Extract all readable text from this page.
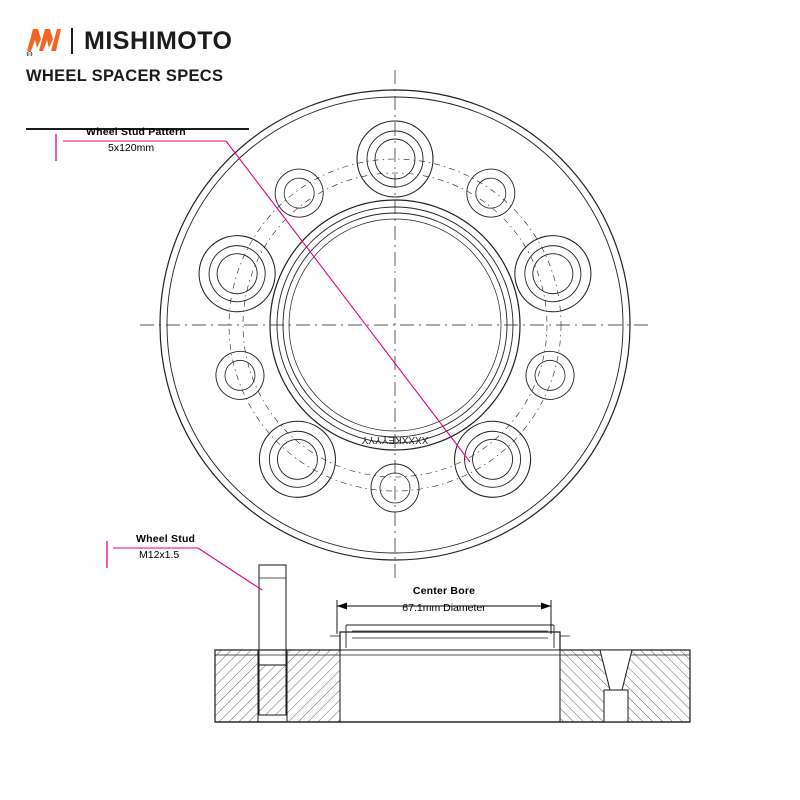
R MISHIMOTO
WHEEL SPACER SPECS
XXXXKEYYYY
Wheel Stud Pattern
5x120mm
Wheel Stud
M12x1.5
Center Bore
67.1mm Diameter
